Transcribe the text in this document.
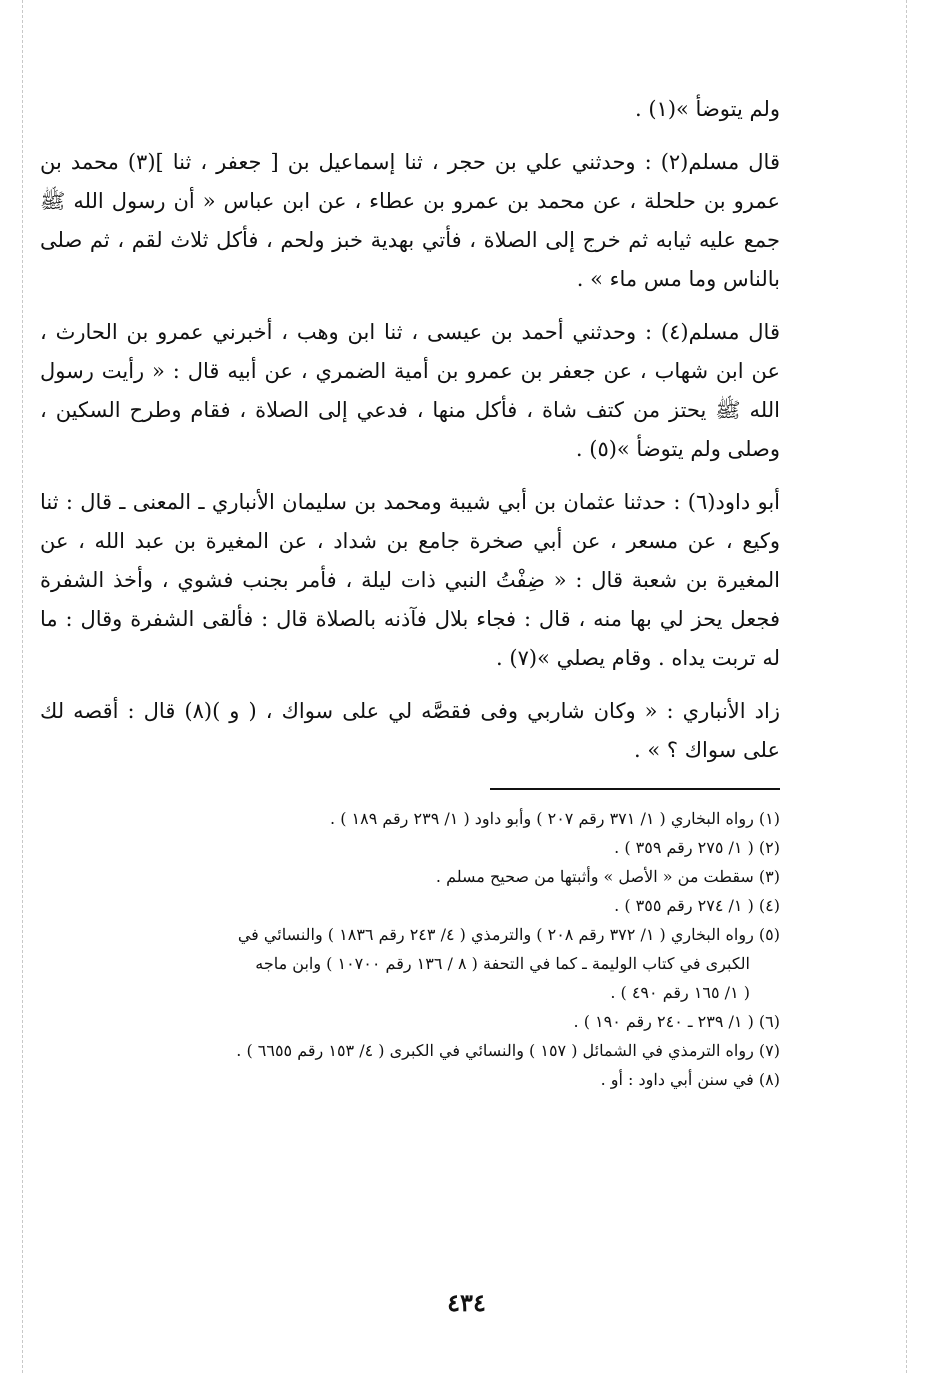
ولم يتوضأ »(١) .

قال مسلم(٢) : وحدثني علي بن حجر ، ثنا إسماعيل بن [ جعفر ، ثنا ](٣) محمد بن عمرو بن حلحلة ، عن محمد بن عمرو بن عطاء ، عن ابن عباس « أن رسول الله ﷺ جمع عليه ثيابه ثم خرج إلى الصلاة ، فأتي بهدية خبز ولحم ، فأكل ثلاث لقم ، ثم صلى بالناس وما مس ماء » .

قال مسلم(٤) : وحدثني أحمد بن عيسى ، ثنا ابن وهب ، أخبرني عمرو بن الحارث ، عن ابن شهاب ، عن جعفر بن عمرو بن أمية الضمري ، عن أبيه قال : « رأيت رسول الله ﷺ يحتز من كتف شاة ، فأكل منها ، فدعي إلى الصلاة ، فقام وطرح السكين ، وصلى ولم يتوضأ »(٥) .

أبو داود(٦) : حدثنا عثمان بن أبي شيبة ومحمد بن سليمان الأنباري ـ المعنى ـ قال : ثنا وكيع ، عن مسعر ، عن أبي صخرة جامع بن شداد ، عن المغيرة بن عبد الله ، عن المغيرة بن شعبة قال : « ضِفْتُ النبي ذات ليلة ، فأمر بجنب فشوي ، وأخذ الشفرة فجعل يحز لي بها منه ، قال : فجاء بلال فآذنه بالصلاة قال : فألقى الشفرة وقال : ما له تربت يداه . وقام يصلي »(٧) .

زاد الأنباري : « وكان شاربي وفى فقصَّه لي على سواك ، ( و )(٨) قال : أقصه لك على سواك ؟ » .

(١) رواه البخاري ( ١/ ٣٧١ رقم ٢٠٧ ) وأبو داود ( ١/ ٢٣٩ رقم ١٨٩ ) .

(٢) ( ١/ ٢٧٥ رقم ٣٥٩ ) .

(٣) سقطت من « الأصل » وأثبتها من صحيح مسلم .

(٤) ( ١/ ٢٧٤ رقم ٣٥٥ ) .

(٥) رواه البخاري ( ١/ ٣٧٢ رقم ٢٠٨ ) والترمذي ( ٤/ ٢٤٣ رقم ١٨٣٦ ) والنسائي في

الكبرى في كتاب الوليمة ـ كما في التحفة ( ٨ / ١٣٦ رقم ١٠٧٠٠ ) وابن ماجه

( ١/ ١٦٥ رقم ٤٩٠ ) .

(٦) ( ١/ ٢٣٩ ـ ٢٤٠ رقم ١٩٠ ) .

(٧) رواه الترمذي في الشمائل ( ١٥٧ ) والنسائي في الكبرى ( ٤/ ١٥٣ رقم ٦٦٥٥ ) .

(٨) في سنن أبي داود : أو .

٤٣٤
